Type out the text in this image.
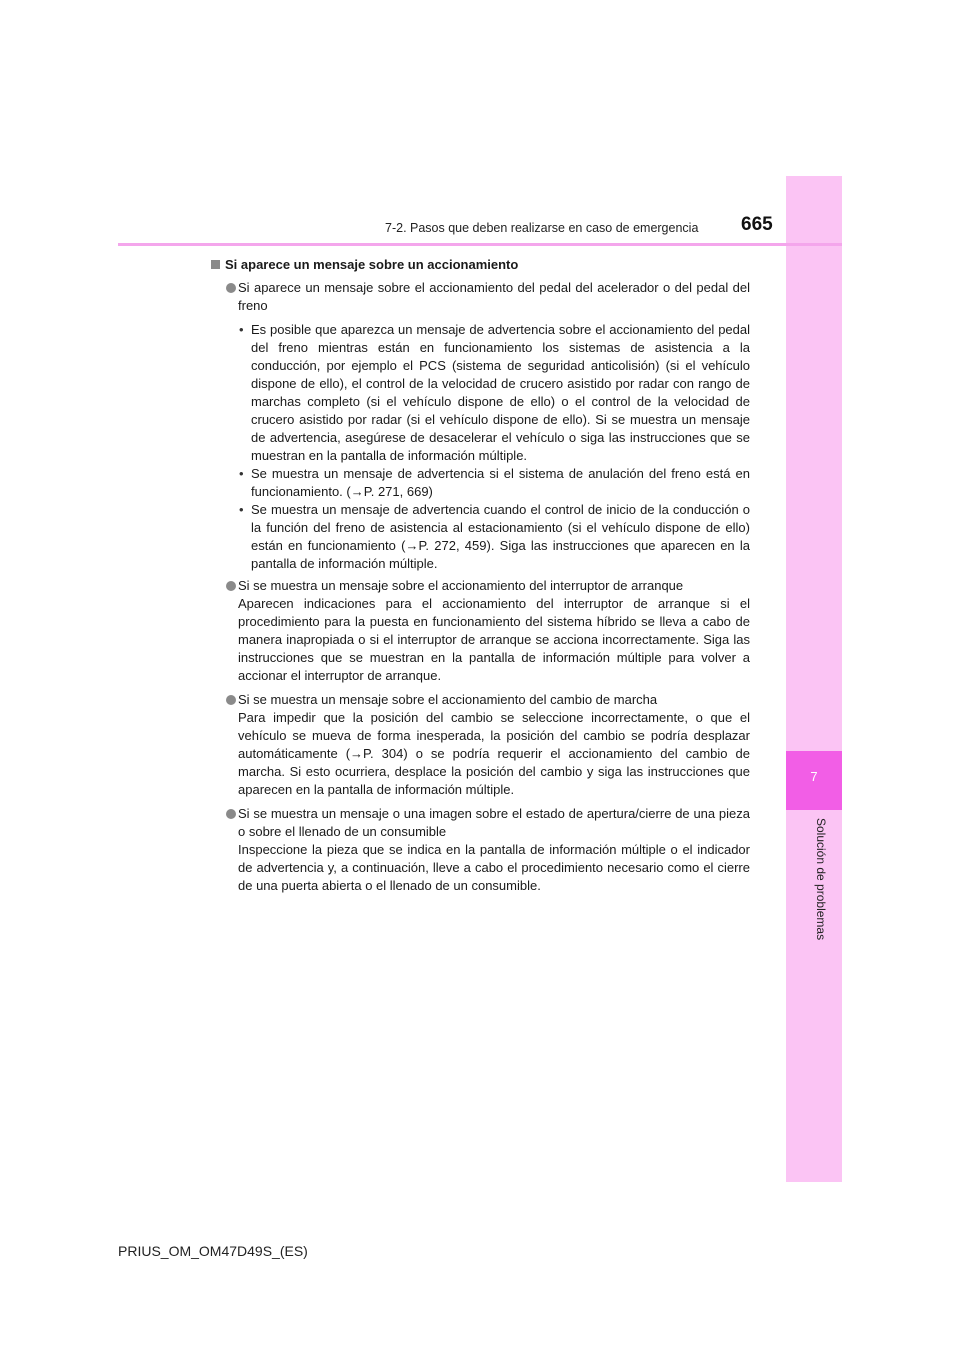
7
Solución de problemas
7-2. Pasos que deben realizarse en caso de emergencia 665
Si aparece un mensaje sobre un accionamiento
Si aparece un mensaje sobre el accionamiento del pedal del acelerador o del pedal del freno
• Es posible que aparezca un mensaje de advertencia sobre el accionamiento del pedal del freno mientras están en funcionamiento los sistemas de asistencia a la conducción, por ejemplo el PCS (sistema de seguridad anticolisión) (si el vehículo dispone de ello), el control de la velocidad de crucero asistido por radar con rango de marchas completo (si el vehículo dispone de ello) o el control de la velocidad de crucero asistido por radar (si el vehículo dispone de ello). Si se muestra un mensaje de advertencia, asegúrese de desacelerar el vehículo o siga las instrucciones que se muestran en la pantalla de información múltiple.
• Se muestra un mensaje de advertencia si el sistema de anulación del freno está en funcionamiento. (→P. 271, 669)
• Se muestra un mensaje de advertencia cuando el control de inicio de la conducción o la función del freno de asistencia al estacionamiento (si el vehículo dispone de ello) están en funcionamiento (→P. 272, 459). Siga las instrucciones que aparecen en la pantalla de información múltiple.
Si se muestra un mensaje sobre el accionamiento del interruptor de arranque
Aparecen indicaciones para el accionamiento del interruptor de arranque si el procedimiento para la puesta en funcionamiento del sistema híbrido se lleva a cabo de manera inapropiada o si el interruptor de arranque se acciona incorrectamente. Siga las instrucciones que se muestran en la pantalla de información múltiple para volver a accionar el interruptor de arranque.
Si se muestra un mensaje sobre el accionamiento del cambio de marcha
Para impedir que la posición del cambio se seleccione incorrectamente, o que el vehículo se mueva de forma inesperada, la posición del cambio se podría desplazar automáticamente (→P. 304) o se podría requerir el accionamiento del cambio de marcha. Si esto ocurriera, desplace la posición del cambio y siga las instrucciones que aparecen en la pantalla de información múltiple.
Si se muestra un mensaje o una imagen sobre el estado de apertura/cierre de una pieza o sobre el llenado de un consumible
Inspeccione la pieza que se indica en la pantalla de información múltiple o el indicador de advertencia y, a continuación, lleve a cabo el procedimiento necesario como el cierre de una puerta abierta o el llenado de un consumible.
PRIUS_OM_OM47D49S_(ES)
